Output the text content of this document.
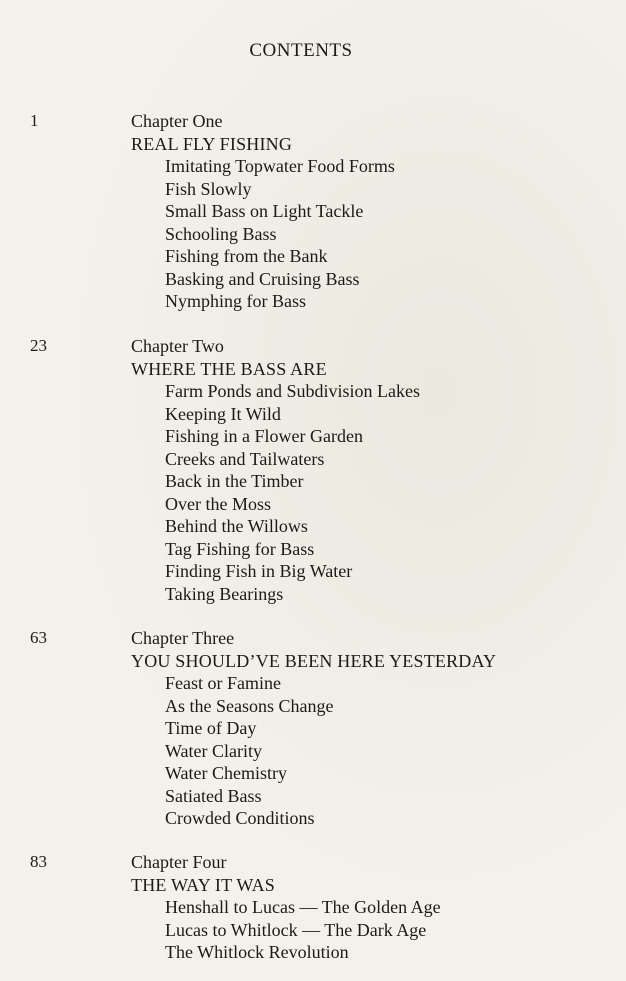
CONTENTS
1	Chapter One
REAL FLY FISHING
Imitating Topwater Food Forms
Fish Slowly
Small Bass on Light Tackle
Schooling Bass
Fishing from the Bank
Basking and Cruising Bass
Nymphing for Bass
23	Chapter Two
WHERE THE BASS ARE
Farm Ponds and Subdivision Lakes
Keeping It Wild
Fishing in a Flower Garden
Creeks and Tailwaters
Back in the Timber
Over the Moss
Behind the Willows
Tag Fishing for Bass
Finding Fish in Big Water
Taking Bearings
63	Chapter Three
YOU SHOULD’VE BEEN HERE YESTERDAY
Feast or Famine
As the Seasons Change
Time of Day
Water Clarity
Water Chemistry
Satiated Bass
Crowded Conditions
83	Chapter Four
THE WAY IT WAS
Henshall to Lucas — The Golden Age
Lucas to Whitlock — The Dark Age
The Whitlock Revolution
